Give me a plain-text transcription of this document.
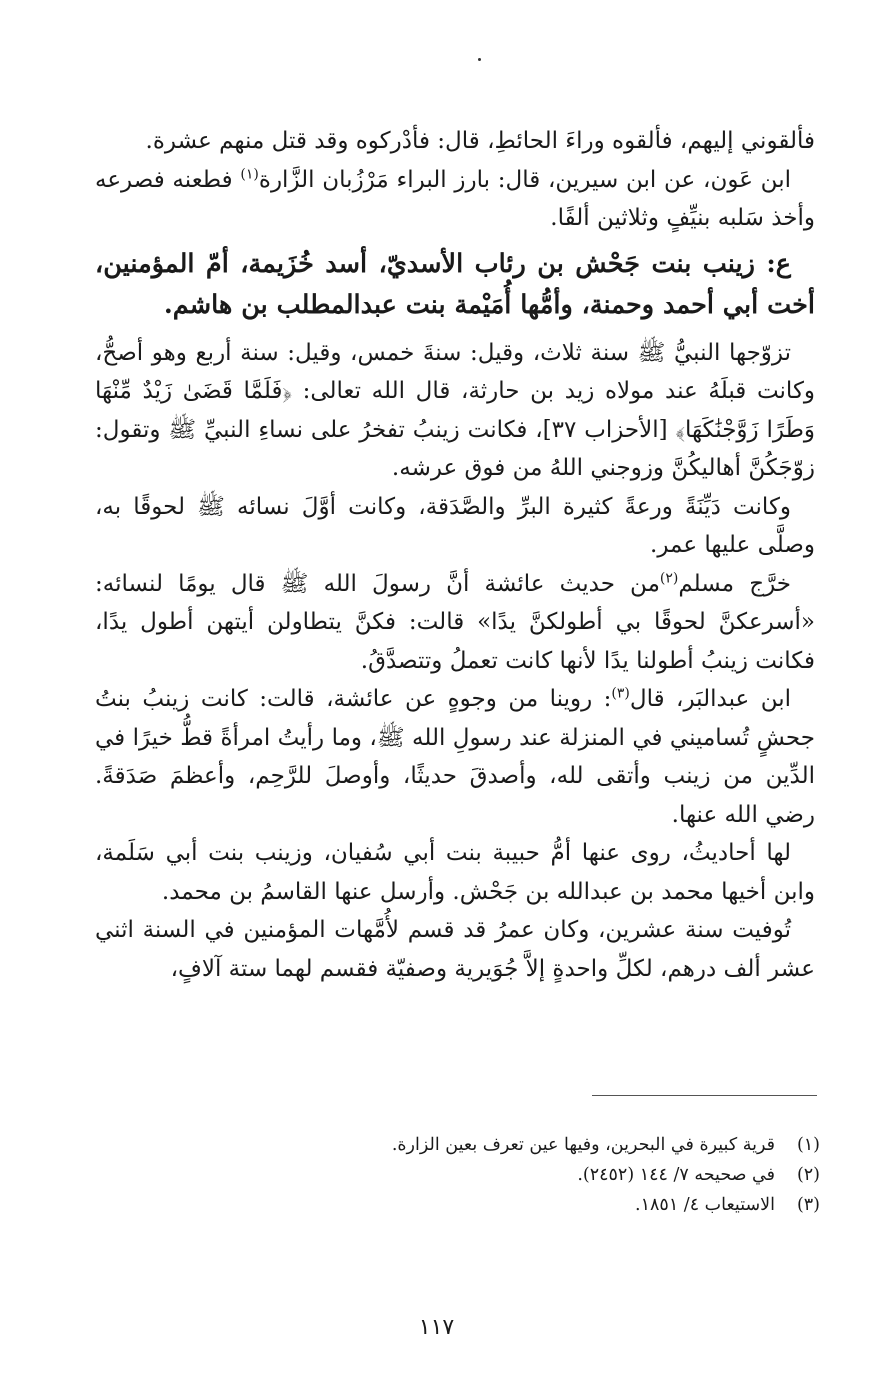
فألقوني إليهم، فألقوه وراءَ الحائطِ، قال: فأدْركوه وقد قتل منهم عشرة.

ابن عَون، عن ابن سيرين، قال: بارز البراء مَرْزُبان الزَّارة$^{(١)}$ فطعنه فصرعه وأخذ سَلبه بنيِّفٍ وثلاثين ألفًا.

ع: زينب بنت جَحْش بن رئاب الأسديّ، أسد خُزَيمة، أمّ المؤمنين، أخت أبي أحمد وحمنة، وأمُّها أُمَيْمة بنت عبدالمطلب بن هاشم.

تزوّجها النبيُّ ﷺ سنة ثلاث، وقيل: سنةَ خمس، وقيل: سنة أربع وهو أصحُّ، وكانت قبلَهُ عند مولاه زيد بن حارثة، قال الله تعالى: ﴿فَلَمَّا قَضَىٰ زَيْدٌ مِّنْهَا وَطَرًا زَوَّجْنَٰكَهَا﴾ [الأحزاب ٣٧]، فكانت زينبُ تفخرُ على نساءِ النبيِّ ﷺ وتقول: زوّجَكُنَّ أهاليكُنَّ وزوجني اللهُ من فوق عرشه.

وكانت دَيِّنَةً ورعةً كثيرة البرِّ والصَّدَقة، وكانت أوَّلَ نسائه ﷺ لحوقًا به، وصلَّى عليها عمر.

خرَّج مسلم$^{(٢)}$من حديث عائشة أنَّ رسولَ الله ﷺ قال يومًا لنسائه: «أسرعكنَّ لحوقًا بي أطولكنَّ يدًا» قالت: فكنَّ يتطاولن أيتهن أطول يدًا، فكانت زينبُ أطولنا يدًا لأنها كانت تعملُ وتتصدَّقُ.

ابن عبدالبَر، قال$^{(٣)}$: روينا من وجوهٍ عن عائشة، قالت: كانت زينبُ بنتُ جحشٍ تُساميني في المنزلة عند رسولِ الله ﷺ، وما رأيتُ امرأةً قطُّ خيرًا في الدِّين من زينب وأتقى لله، وأصدقَ حديثًا، وأوصلَ للرَّحِم، وأعظمَ صَدَقةً. رضي الله عنها.

لها أحاديثُ، روى عنها أمُّ حبيبة بنت أبي سُفيان، وزينب بنت أبي سَلَمة، وابن أخيها محمد بن عبدالله بن جَحْش. وأرسل عنها القاسمُ بن محمد.

تُوفيت سنة عشرين، وكان عمرُ قد قسم لأُمَّهات المؤمنين في السنة اثني عشر ألف درهم، لكلِّ واحدةٍ إلاَّ جُوَيرية وصفيّة فقسم لهما ستة آلافٍ،

(١)قرية كبيرة في البحرين، وفيها عين تعرف بعين الزارة.
(٢)في صحيحه ٧/ ١٤٤ (٢٤٥٢).
(٣)الاستيعاب ٤/ ١٨٥١.
١١٧
